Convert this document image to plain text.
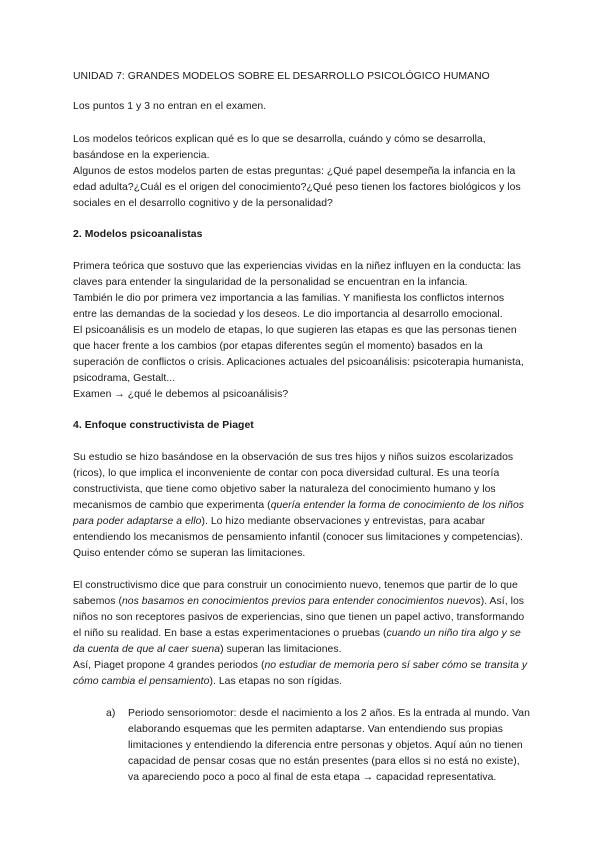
UNIDAD 7: GRANDES MODELOS SOBRE EL DESARROLLO PSICOLÓGICO HUMANO

Los puntos 1 y 3 no entran en el examen.

Los modelos teóricos explican qué es lo que se desarrolla, cuándo y cómo se desarrolla, basándose en la experiencia.

Algunos de estos modelos parten de estas preguntas: ¿Qué papel desempeña la infancia en la edad adulta?¿Cuál es el origen del conocimiento?¿Qué peso tienen los factores biológicos y los sociales en el desarrollo cognitivo y de la personalidad?

2. Modelos psicoanalistas

Primera teórica que sostuvo que las experiencias vividas en la niñez influyen en la conducta: las claves para entender la singularidad de la personalidad se encuentran en la infancia.

También le dio por primera vez importancia a las familias. Y manifiesta los conflictos internos entre las demandas de la sociedad y los deseos. Le dio importancia al desarrollo emocional.

El psicoanálisis es un modelo de etapas, lo que sugieren las etapas es que las personas tienen que hacer frente a los cambios (por etapas diferentes según el momento) basados en la superación de conflictos o crisis. Aplicaciones actuales del psicoanálisis: psicoterapia humanista, psicodrama, Gestalt...

Examen → ¿qué le debemos al psicoanálisis?

4. Enfoque constructivista de Piaget

Su estudio se hizo basándose en la observación de sus tres hijos y niños suizos escolarizados (ricos), lo que implica el inconveniente de contar con poca diversidad cultural. Es una teoría constructivista, que tiene como objetivo saber la naturaleza del conocimiento humano y los mecanismos de cambio que experimenta (quería entender la forma de conocimiento de los niños para poder adaptarse a ello). Lo hizo mediante observaciones y entrevistas, para acabar entendiendo los mecanismos de pensamiento infantil (conocer sus limitaciones y competencias). Quiso entender cómo se superan las limitaciones.

El constructivismo dice que para construir un conocimiento nuevo, tenemos que partir de lo que sabemos (nos basamos en conocimientos previos para entender conocimientos nuevos). Así, los niños no son receptores pasivos de experiencias, sino que tienen un papel activo, transformando el niño su realidad. En base a estas experimentaciones o pruebas (cuando un niño tira algo y se da cuenta de que al caer suena) superan las limitaciones.

Así, Piaget propone 4 grandes periodos (no estudiar de memoria pero sí saber cómo se transita y cómo cambia el pensamiento). Las etapas no son rígidas.

a)	Periodo sensoriomotor: desde el nacimiento a los 2 años. Es la entrada al mundo. Van elaborando esquemas que les permiten adaptarse. Van entendiendo sus propias limitaciones y entendiendo la diferencia entre personas y objetos. Aquí aún no tienen capacidad de pensar cosas que no están presentes (para ellos si no está no existe), va apareciendo poco a poco al final de esta etapa → capacidad representativa.
